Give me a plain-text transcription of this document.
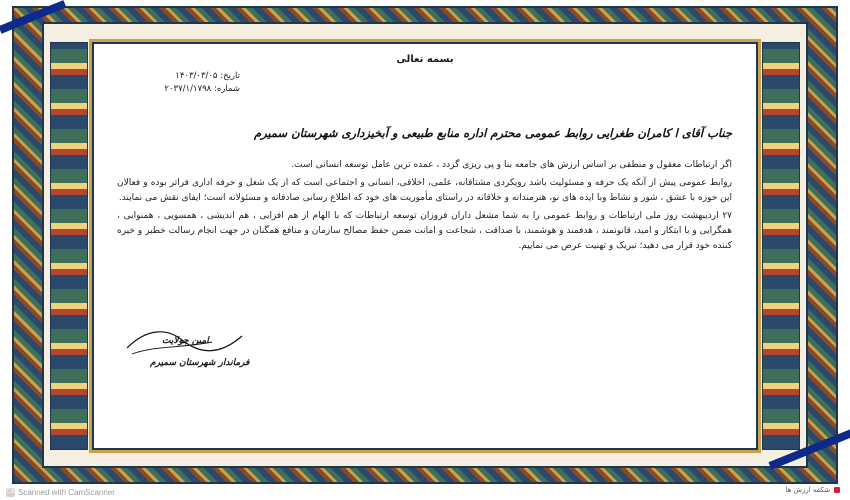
بسمه تعالی
تاریخ: ۱۴۰۳/۰۳/۰۵
شماره: ۲۰۳۷/۱/۱۷۹۸
جناب آقای ا کامران طغرایی روابط عمومی محترم اداره منابع طبیعی و آبخیزداری شهرستان سمیرم

اگر ارتباطات معقول و منطقی بر اساس ارزش های جامعه بنا و پی ریزی گردد ، عمده ترین عامل توسعه انسانی است.

روابط عمومی پیش از آنکه یک حرفه و مسئولیت باشد رویکردی مشتاقانه، علمی، اخلاقی، انسانی و اجتماعی است که از یک شغل و حرفه اداری فراتر بوده و فعالان این حوزه با عشق ، شور و نشاط وبا ایده های نو، هنرمندانه و خلاقانه در راستای مأموریت های خود که اطلاع رسانی صادقانه و مسئولانه است؛ ایفای نقش می نمایند.

۲۷ اردیبهشت روز ملی ارتباطات و روابط عمومی را به شما مشعل داران فروزان توسعه ارتباطات که با الهام از هم افزایی ، هم اندیشی ، همسویی ، همنوایی ، همگرایی و با ابتکار و امید، قانونمند ، هدفمند و هوشمند، با صداقت ، شجاعت و امانت ضمن حفظ مصالح سازمان و منافع همگنان در جهت انجام رسالت خطیر و خیره کننده خود قرار می دهید؛ تبریک و تهنیت عرض می نماییم.

امین جولایت
فرماندار شهرستان سمیرم
CS Scanned with CamScanner	شکفه ارزش ها
